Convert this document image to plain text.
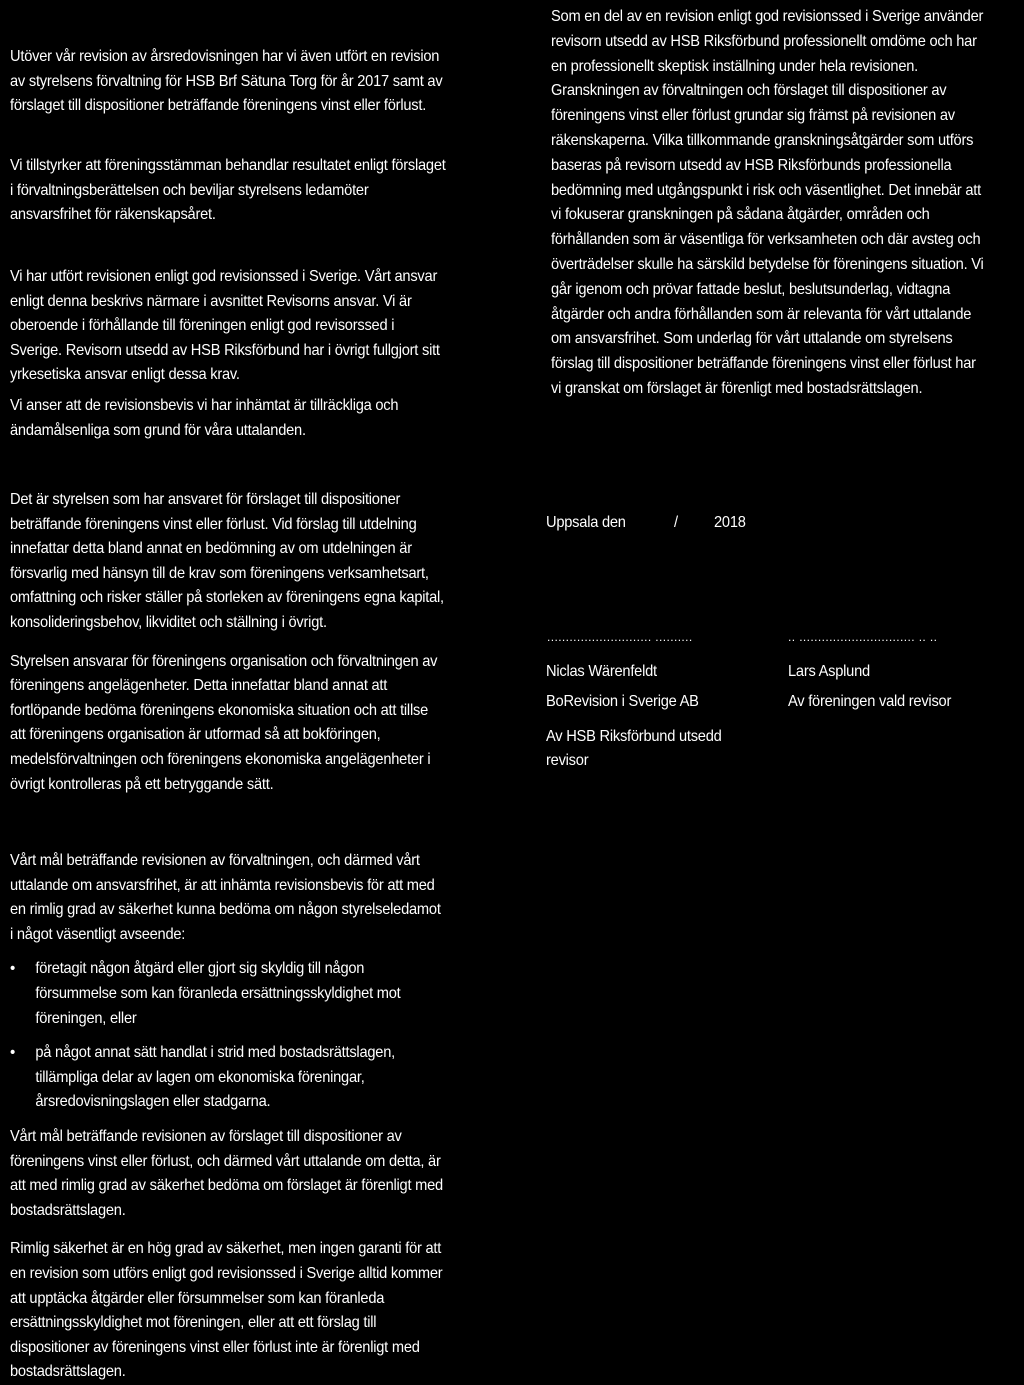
Utöver vår revision av årsredovisningen har vi även utfört en revision
av styrelsens förvaltning för HSB Brf Sätuna Torg för år 2017 samt av
förslaget till dispositioner beträffande föreningens vinst eller förlust.

Vi tillstyrker att föreningsstämman behandlar resultatet enligt förslaget
i förvaltningsberättelsen och beviljar styrelsens ledamöter
ansvarsfrihet för räkenskapsåret.

Vi har utfört revisionen enligt god revisionssed i Sverige. Vårt ansvar
enligt denna beskrivs närmare i avsnittet Revisorns ansvar. Vi är
oberoende i förhållande till föreningen enligt god revisorssed i
Sverige. Revisorn utsedd av HSB Riksförbund har i övrigt fullgjort sitt
yrkesetiska ansvar enligt dessa krav.

Vi anser att de revisionsbevis vi har inhämtat är tillräckliga och
ändamålsenliga som grund för våra uttalanden.

Som en del av en revision enligt god revisionssed i Sverige använder
revisorn utsedd av HSB Riksförbund professionellt omdöme och har
en professionellt skeptisk inställning under hela revisionen.
Granskningen av förvaltningen och förslaget till dispositioner av
föreningens vinst eller förlust grundar sig främst på revisionen av
räkenskaperna. Vilka tillkommande granskningsåtgärder som utförs
baseras på revisorn utsedd av HSB Riksförbunds professionella
bedömning med utgångspunkt i risk och väsentlighet. Det innebär att
vi fokuserar granskningen på sådana åtgärder, områden och
förhållanden som är väsentliga för verksamheten och där avsteg och
överträdelser skulle ha särskild betydelse för föreningens situation. Vi
går igenom och prövar fattade beslut, beslutsunderlag, vidtagna
åtgärder och andra förhållanden som är relevanta för vårt uttalande
om ansvarsfrihet. Som underlag för vårt uttalande om styrelsens
förslag till dispositioner beträffande föreningens vinst eller förlust har
vi granskat om förslaget är förenligt med bostadsrättslagen.

Det är styrelsen som har ansvaret för förslaget till dispositioner
beträffande föreningens vinst eller förlust. Vid förslag till utdelning
innefattar detta bland annat en bedömning av om utdelningen är
försvarlig med hänsyn till de krav som föreningens verksamhetsart,
omfattning och risker ställer på storleken av föreningens egna kapital,
konsolideringsbehov, likviditet och ställning i övrigt.

Styrelsen ansvarar för föreningens organisation och förvaltningen av
föreningens angelägenheter. Detta innefattar bland annat att
fortlöpande bedöma föreningens ekonomiska situation och att tillse
att föreningens organisation är utformad så att bokföringen,
medelsförvaltningen och föreningens ekonomiska angelägenheter i
övrigt kontrolleras på ett betryggande sätt.

Uppsala den	/ 2018
............................ ..........	.. ............................... .. ..
Niclas Wärenfeldt
BoRevision i Sverige AB
Av HSB Riksförbund utsedd
revisor
Lars Asplund
Av föreningen vald revisor

Vårt mål beträffande revisionen av förvaltningen, och därmed vårt
uttalande om ansvarsfrihet, är att inhämta revisionsbevis för att med
en rimlig grad av säkerhet kunna bedöma om någon styrelseledamot
i något väsentligt avseende:

• företagit någon åtgärd eller gjort sig skyldig till någon
försummelse som kan föranleda ersättningsskyldighet mot
föreningen, eller
• på något annat sätt handlat i strid med bostadsrättslagen,
tillämpliga delar av lagen om ekonomiska föreningar,
årsredovisningslagen eller stadgarna.

Vårt mål beträffande revisionen av förslaget till dispositioner av
föreningens vinst eller förlust, och därmed vårt uttalande om detta, är
att med rimlig grad av säkerhet bedöma om förslaget är förenligt med
bostadsrättslagen.

Rimlig säkerhet är en hög grad av säkerhet, men ingen garanti för att
en revision som utförs enligt god revisionssed i Sverige alltid kommer
att upptäcka åtgärder eller försummelser som kan föranleda
ersättningsskyldighet mot föreningen, eller att ett förslag till
dispositioner av föreningens vinst eller förlust inte är förenligt med
bostadsrättslagen.
